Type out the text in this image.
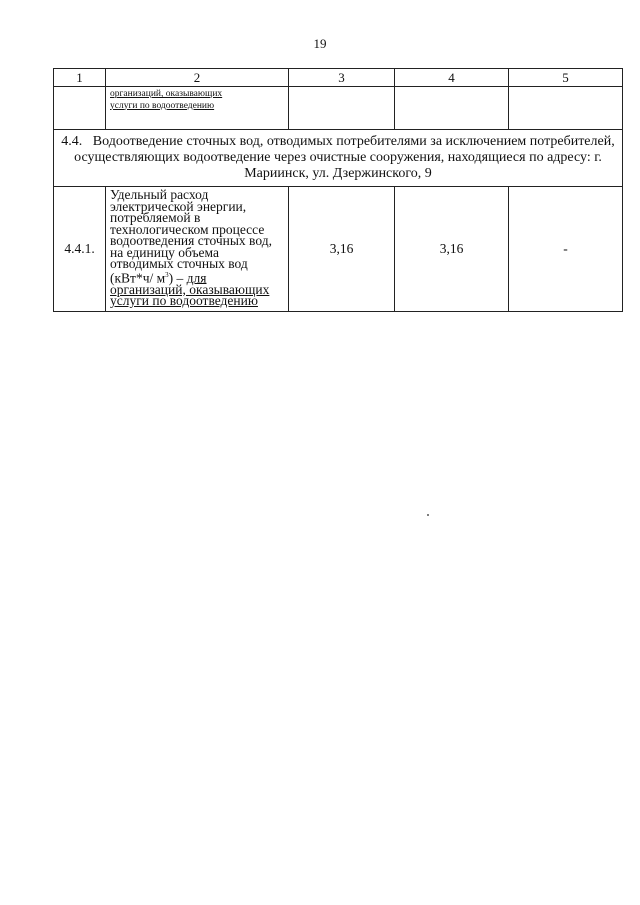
19
1	2	3	4	5
	организаций, оказывающих
услуги по водоотведению			
4.4. Водоотведение сточных вод, отводимых потребителями за исключением потребителей, осуществляющих водоотведение через очистные сооружения, находящиеся по адресу: г. Мариинск, ул. Дзержинского, 9				
4.4.1.	Удельный расход электрической энергии, потребляемой в технологическом процессе водоотведения сточных вод, на единицу объема отводимых сточных вод (кВт*ч/ $м^3$) – для организаций, оказывающих услуги по водоотведению	3,16	3,16	-
